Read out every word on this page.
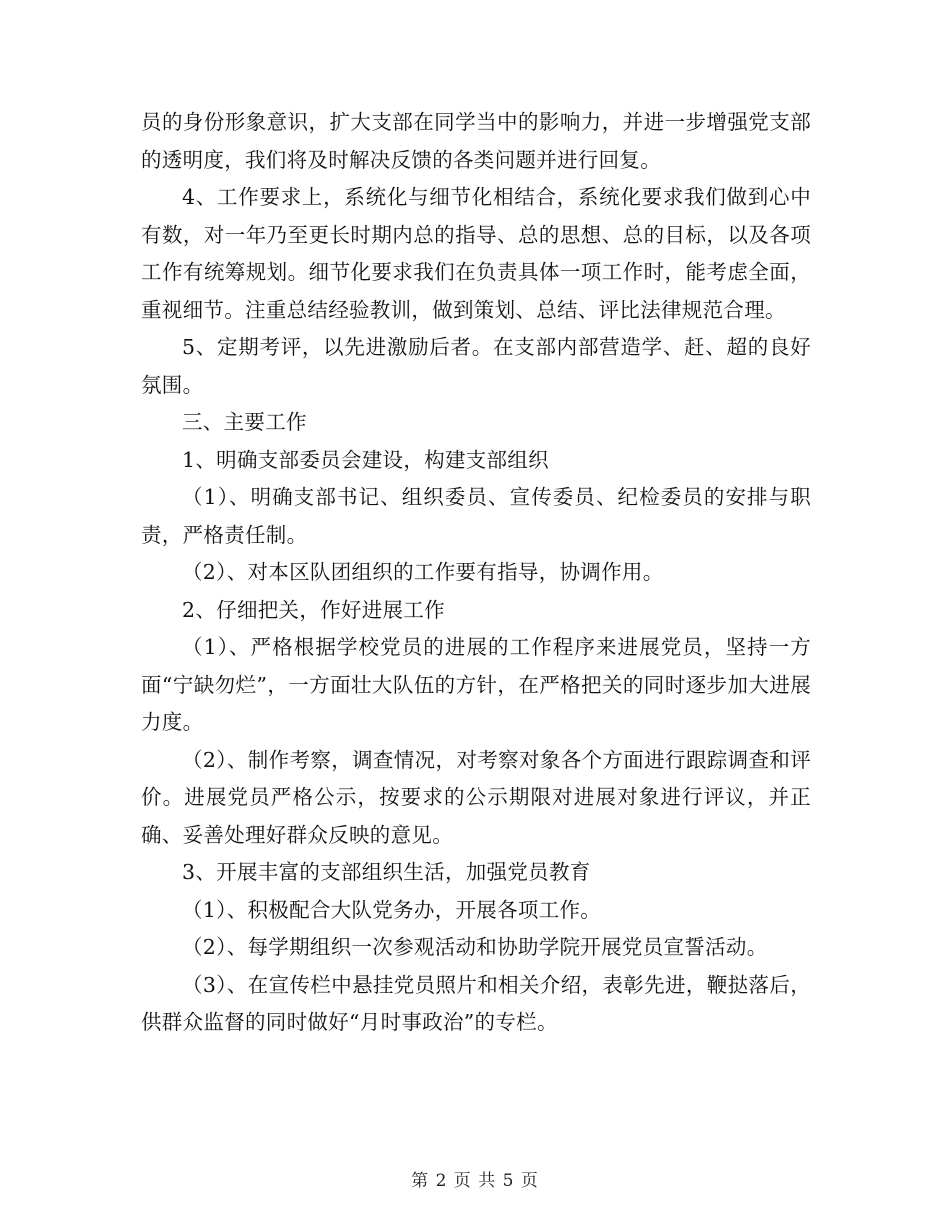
员的身份形象意识，扩大支部在同学当中的影响力，并进一步增强党支部的透明度，我们将及时解决反馈的各类问题并进行回复。

4、工作要求上，系统化与细节化相结合，系统化要求我们做到心中有数，对一年乃至更长时期内总的指导、总的思想、总的目标，以及各项工作有统筹规划。细节化要求我们在负责具体一项工作时，能考虑全面，重视细节。注重总结经验教训，做到策划、总结、评比法律规范合理。

5、定期考评，以先进激励后者。在支部内部营造学、赶、超的良好氛围。

三、主要工作

1、明确支部委员会建设，构建支部组织

（1）、明确支部书记、组织委员、宣传委员、纪检委员的安排与职责，严格责任制。

（2）、对本区队团组织的工作要有指导，协调作用。

2、仔细把关，作好进展工作

（1）、严格根据学校党员的进展的工作程序来进展党员，坚持一方面“宁缺勿烂”，一方面壮大队伍的方针，在严格把关的同时逐步加大进展力度。

（2）、制作考察，调查情况，对考察对象各个方面进行跟踪调查和评价。进展党员严格公示，按要求的公示期限对进展对象进行评议，并正确、妥善处理好群众反映的意见。

3、开展丰富的支部组织生活，加强党员教育

（1）、积极配合大队党务办，开展各项工作。

（2）、每学期组织一次参观活动和协助学院开展党员宣誓活动。

（3）、在宣传栏中悬挂党员照片和相关介绍，表彰先进，鞭挞落后，供群众监督的同时做好“月时事政治”的专栏。

第 2 页 共 5 页
